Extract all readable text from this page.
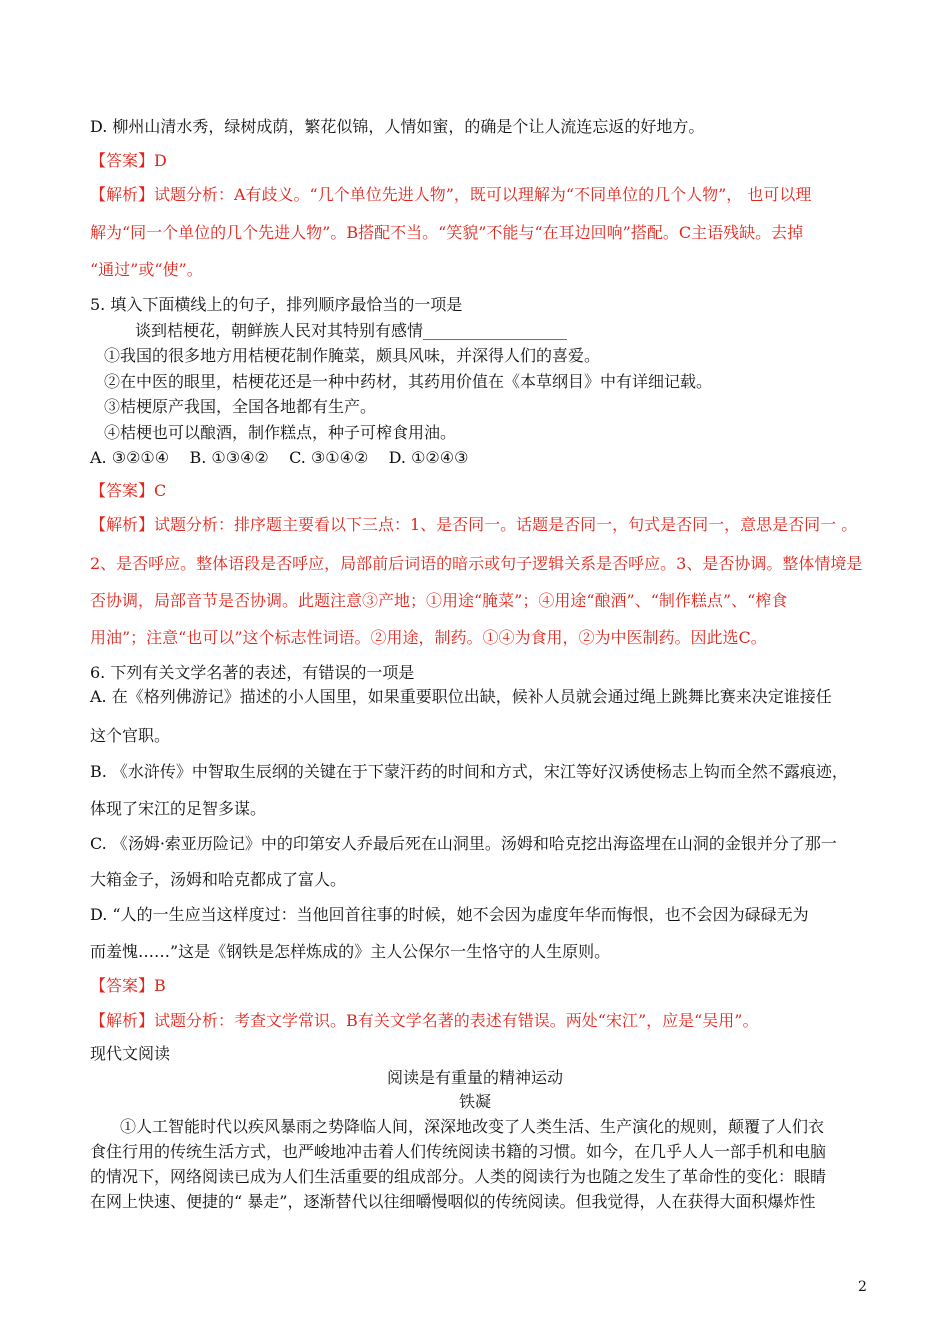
D. 柳州山清水秀，绿树成荫，繁花似锦，人情如蜜，的确是个让人流连忘返的好地方。
【答案】D
【解析】试题分析：A有歧义。“几个单位先进人物”，既可以理解为“不同单位的几个人物”， 也可以理
解为“同一个单位的几个先进人物”。B搭配不当。“笑貌”不能与“在耳边回响”搭配。C主语残缺。去掉
“通过”或“使”。
5. 填入下面横线上的句子，排列顺序最恰当的一项是
谈到桔梗花，朝鲜族人民对其特别有感情__________________
①我国的很多地方用桔梗花制作腌菜，颇具风味，并深得人们的喜爱。
②在中医的眼里，桔梗花还是一种中药材，其药用价值在《本草纲目》中有详细记载。
③桔梗原产我国，全国各地都有生产。
④桔梗也可以酿酒，制作糕点，种子可榨食用油。
A. ③②①④    B. ①③④②    C. ③①④②    D. ①②④③
【答案】C
【解析】试题分析：排序题主要看以下三点：1、是否同一。话题是否同一，句式是否同一，意思是否同一 。
2、是否呼应。整体语段是否呼应，局部前后词语的暗示或句子逻辑关系是否呼应。3、是否协调。整体情境是
否协调，局部音节是否协调。此题注意③产地；①用途“腌菜”；④用途“酿酒”、“制作糕点”、“榨食
用油”；注意“也可以”这个标志性词语。②用途，制药。①④为食用，②为中医制药。因此选C。
6. 下列有关文学名著的表述，有错误的一项是
A. 在《格列佛游记》描述的小人国里，如果重要职位出缺，候补人员就会通过绳上跳舞比赛来决定谁接任
这个官职。
B. 《水浒传》中智取生辰纲的关键在于下蒙汗药的时间和方式，宋江等好汉诱使杨志上钩而全然不露痕迹，
体现了宋江的足智多谋。
C. 《汤姆·索亚历险记》中的印第安人乔最后死在山洞里。汤姆和哈克挖出海盗埋在山洞的金银并分了那一
大箱金子，汤姆和哈克都成了富人。
D. “人的一生应当这样度过：当他回首往事的时候，她不会因为虚度年华而悔恨，也不会因为碌碌无为
而羞愧……”这是《钢铁是怎样炼成的》主人公保尔一生恪守的人生原则。
【答案】B
【解析】试题分析：考查文学常识。B有关文学名著的表述有错误。两处“宋江”，应是“吴用”。
现代文阅读
阅读是有重量的精神运动
铁凝
①人工智能时代以疾风暴雨之势降临人间，深深地改变了人类生活、生产演化的规则，颠覆了人们衣
食住行用的传统生活方式，也严峻地冲击着人们传统阅读书籍的习惯。如今，在几乎人人一部手机和电脑
的情况下，网络阅读已成为人们生活重要的组成部分。人类的阅读行为也随之发生了革命性的变化：眼睛
在网上快速、便捷的“ 暴走”，逐渐替代以往细嚼慢咽似的传统阅读。但我觉得，人在获得大面积爆炸性
2
